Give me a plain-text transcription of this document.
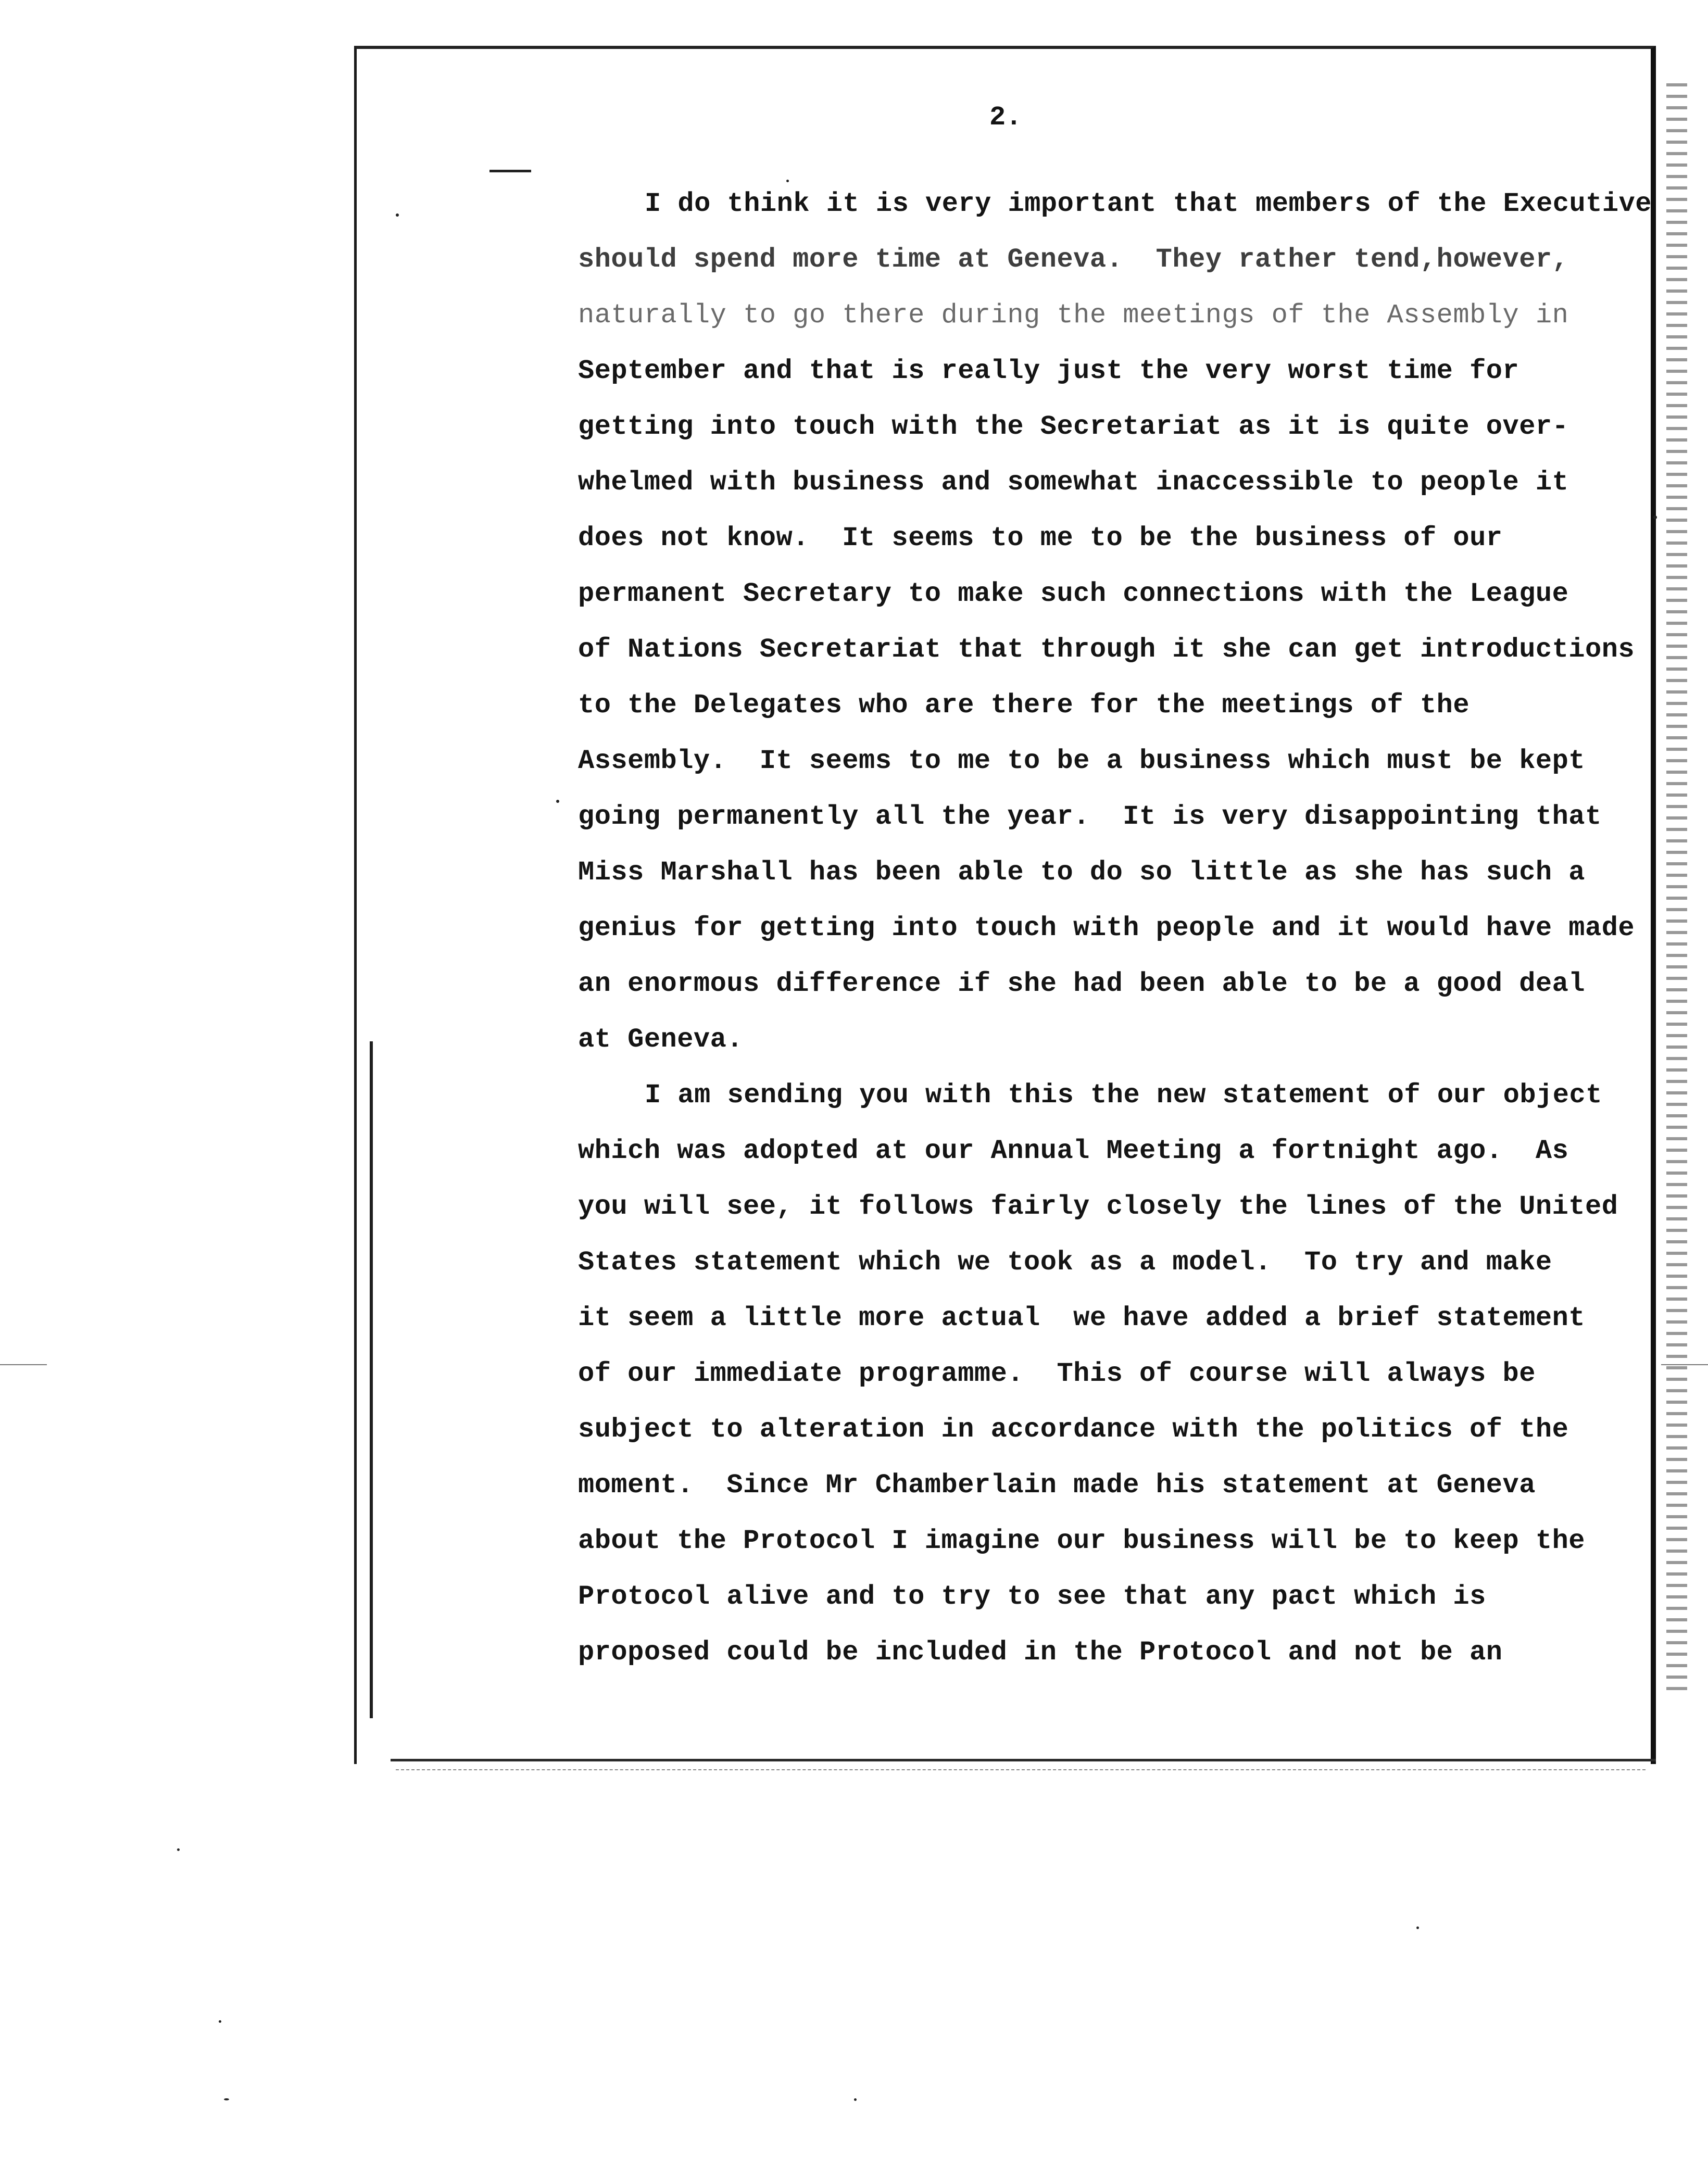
2.
I do think it is very important that members of the Executive
should spend more time at Geneva.  They rather tend,however,
naturally to go there during the meetings of the Assembly in
September and that is really just the very worst time for
getting into touch with the Secretariat as it is quite over-
whelmed with business and somewhat inaccessible to people it
does not know.  It seems to me to be the business of our
permanent Secretary to make such connections with the League
of Nations Secretariat that through it she can get introductions
to the Delegates who are there for the meetings of the
Assembly.  It seems to me to be a business which must be kept
going permanently all the year.  It is very disappointing that
Miss Marshall has been able to do so little as she has such a
genius for getting into touch with people and it would have made
an enormous difference if she had been able to be a good deal
at Geneva.
I am sending you with this the new statement of our object
which was adopted at our Annual Meeting a fortnight ago.  As
you will see, it follows fairly closely the lines of the United
States statement which we took as a model.  To try and make
it seem a little more actual  we have added a brief statement
of our immediate programme.  This of course will always be
subject to alteration in accordance with the politics of the
moment.  Since Mr Chamberlain made his statement at Geneva
about the Protocol I imagine our business will be to keep the
Protocol alive and to try to see that any pact which is
proposed could be included in the Protocol and not be an
